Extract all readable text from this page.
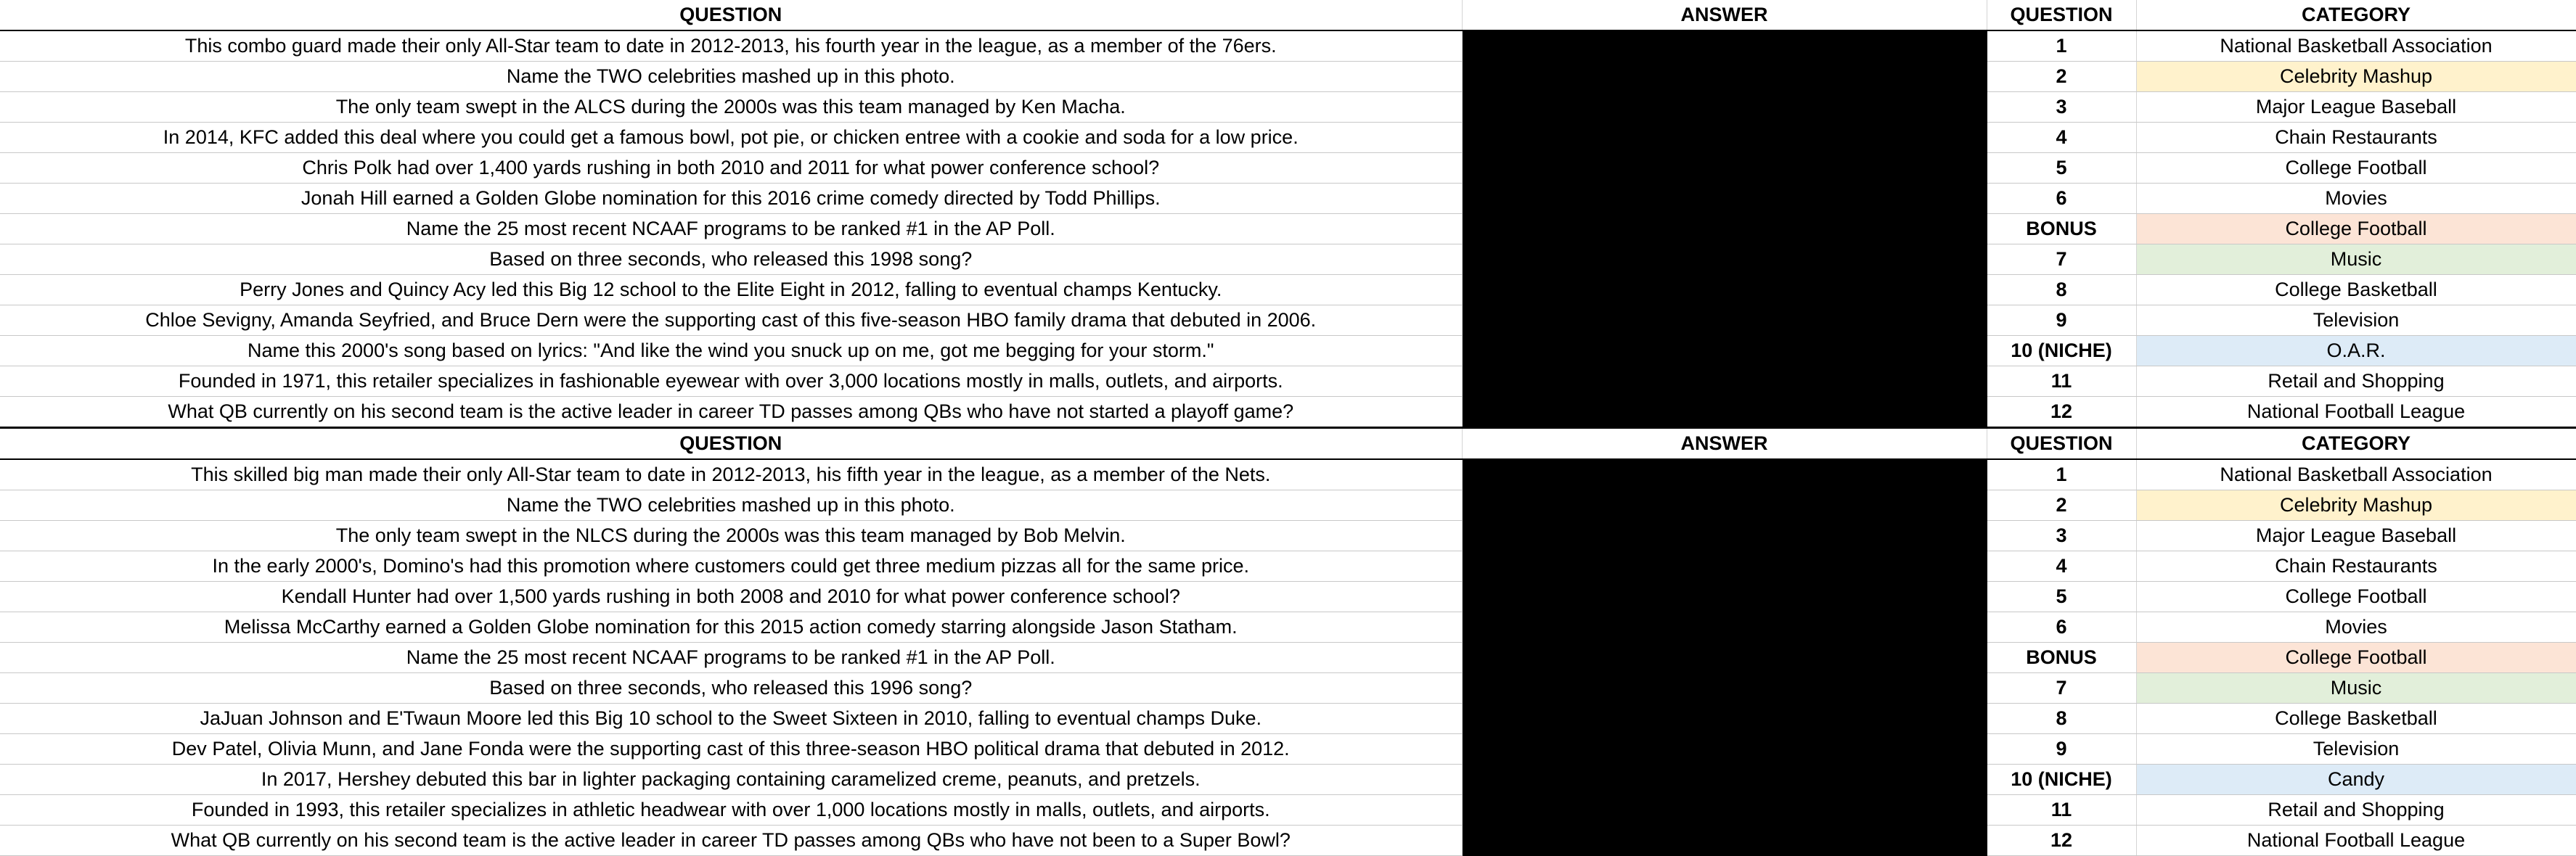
QUESTION	ANSWER	QUESTION	CATEGORY
This combo guard made their only All-Star team to date in 2012-2013, his fourth year in the league, as a member of the 76ers.		1	National Basketball Association
Name the TWO celebrities mashed up in this photo.		2	Celebrity Mashup
The only team swept in the ALCS during the 2000s was this team managed by Ken Macha.		3	Major League Baseball
In 2014, KFC added this deal where you could get a famous bowl, pot pie, or chicken entree with a cookie and soda for a low price.		4	Chain Restaurants
Chris Polk had over 1,400 yards rushing in both 2010 and 2011 for what power conference school?		5	College Football
Jonah Hill earned a Golden Globe nomination for this 2016 crime comedy directed by Todd Phillips.		6	Movies
Name the 25 most recent NCAAF programs to be ranked #1 in the AP Poll.		BONUS	College Football
Based on three seconds, who released this 1998 song?		7	Music
Perry Jones and Quincy Acy led this Big 12 school to the Elite Eight in 2012, falling to eventual champs Kentucky.		8	College Basketball
Chloe Sevigny, Amanda Seyfried, and Bruce Dern were the supporting cast of this five-season HBO family drama that debuted in 2006.		9	Television
Name this 2000's song based on lyrics: "And like the wind you snuck up on me, got me begging for your storm."		10 (NICHE)	O.A.R.
Founded in 1971, this retailer specializes in fashionable eyewear with over 3,000 locations mostly in malls, outlets, and airports.		11	Retail and Shopping
What QB currently on his second team is the active leader in career TD passes among QBs who have not started a playoff game?		12	National Football League
QUESTION	ANSWER	QUESTION	CATEGORY
This skilled big man made their only All-Star team to date in 2012-2013, his fifth year in the league, as a member of the Nets.		1	National Basketball Association
Name the TWO celebrities mashed up in this photo.		2	Celebrity Mashup
The only team swept in the NLCS during the 2000s was this team managed by Bob Melvin.		3	Major League Baseball
In the early 2000's, Domino's had this promotion where customers could get three medium pizzas all for the same price.		4	Chain Restaurants
Kendall Hunter had over 1,500 yards rushing in both 2008 and 2010 for what power conference school?		5	College Football
Melissa McCarthy earned a Golden Globe nomination for this 2015 action comedy starring alongside Jason Statham.		6	Movies
Name the 25 most recent NCAAF programs to be ranked #1 in the AP Poll.		BONUS	College Football
Based on three seconds, who released this 1996 song?		7	Music
JaJuan Johnson and E'Twaun Moore led this Big 10 school to the Sweet Sixteen in 2010, falling to eventual champs Duke.		8	College Basketball
Dev Patel, Olivia Munn, and Jane Fonda were the supporting cast of this three-season HBO political drama that debuted in 2012.		9	Television
In 2017, Hershey debuted this bar in lighter packaging containing caramelized creme, peanuts, and pretzels.		10 (NICHE)	Candy
Founded in 1993, this retailer specializes in athletic headwear with over 1,000 locations mostly in malls, outlets, and airports.		11	Retail and Shopping
What QB currently on his second team is the active leader in career TD passes among QBs who have not been to a Super Bowl?		12	National Football League
